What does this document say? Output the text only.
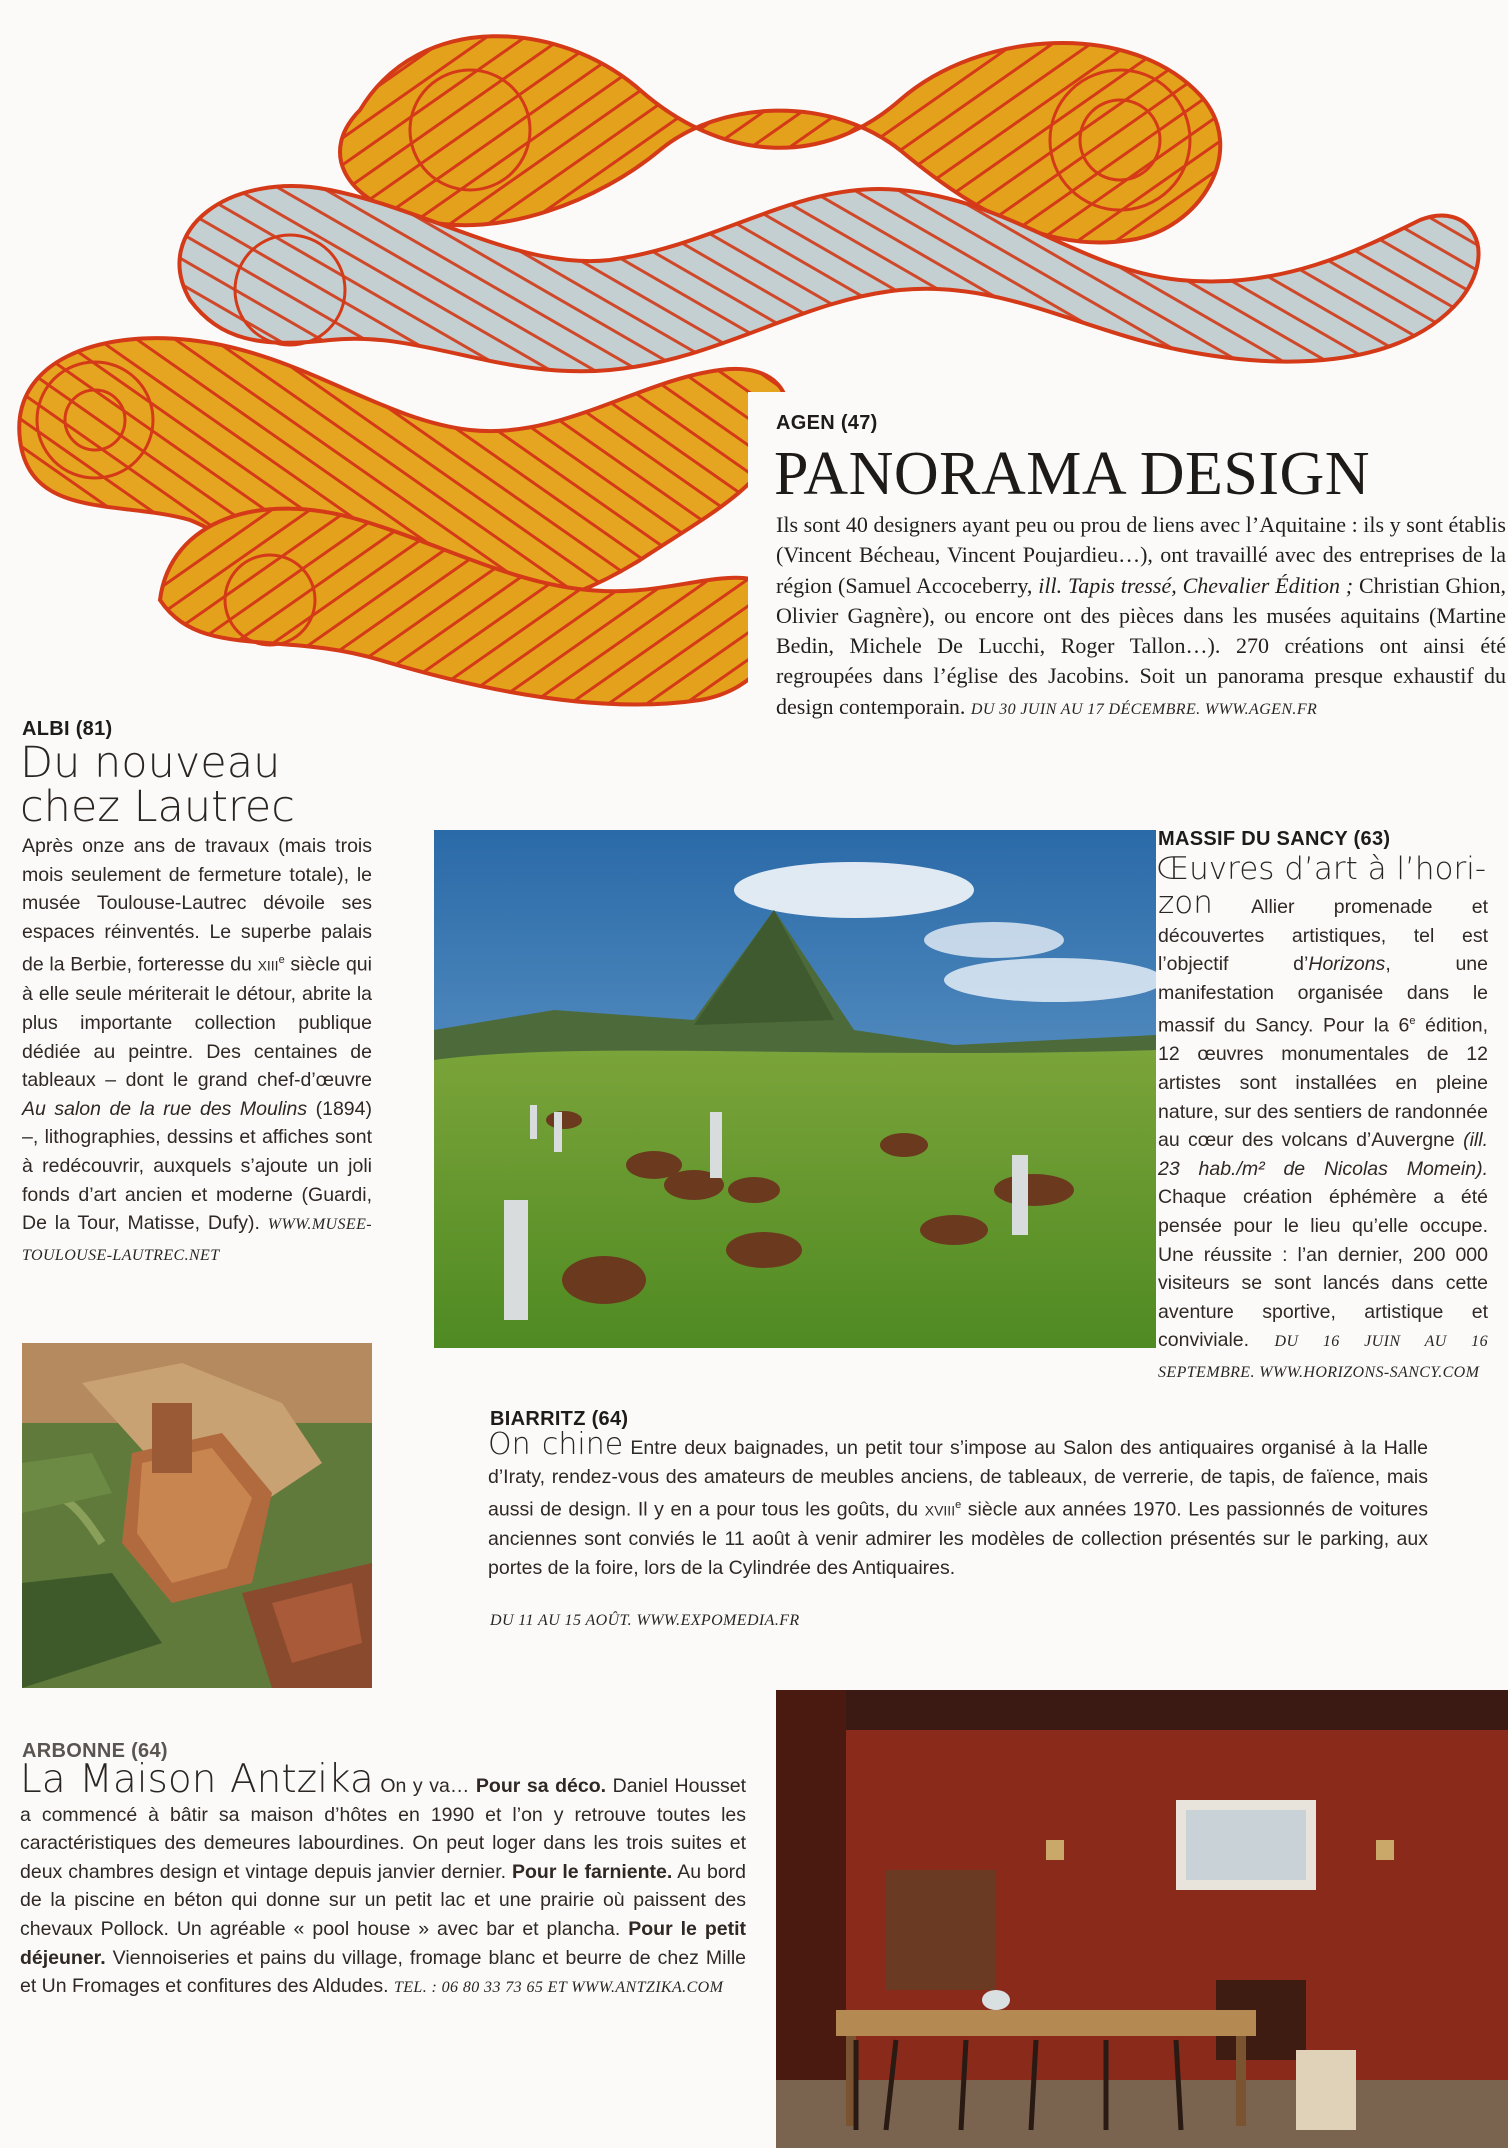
AGEN (47)
PANORAMA DESIGN
Ils sont 40 designers ayant peu ou prou de liens avec l’Aquitaine : ils y sont établis (Vincent Bécheau, Vincent Poujardieu…), ont travaillé avec des entreprises de la région (Samuel Accoceberry, ill. Tapis tressé, Chevalier Édition ; Christian Ghion, Olivier Gagnère), ou encore ont des pièces dans les musées aquitains (Martine Bedin, Michele De Lucchi, Roger Tallon…). 270 créations ont ainsi été regroupées dans l’église des Jacobins. Soit un panorama presque exhaustif du design contemporain. DU 30 JUIN AU 17 DÉCEMBRE. WWW.AGEN.FR
ALBI (81)
Du nouveau
chez Lautrec
Après onze ans de travaux (mais trois mois seulement de fermeture totale), le musée Toulouse-Lautrec dévoile ses espaces réinventés. Le superbe palais de la Berbie, forteresse du XIIIe siècle qui à elle seule mériterait le détour, abrite la plus importante collection publique dédiée au peintre. Des centaines de tableaux – dont le grand chef-d’œuvre Au salon de la rue des Moulins (1894) –, lithographies, dessins et affiches sont à redécouvrir, auxquels s’ajoute un joli fonds d’art ancien et moderne (Guardi, De la Tour, Matisse, Dufy). WWW.MUSEE-TOULOUSE-LAUTREC.NET
MASSIF DU SANCY (63)
Œuvres d’art à l’hori-
zon Allier promenade et découvertes artistiques, tel est l’objectif d’Horizons, une manifestation organisée dans le massif du Sancy. Pour la 6e édition, 12 œuvres monumentales de 12 artistes sont installées en pleine nature, sur des sentiers de randonnée au cœur des volcans d’Auvergne (ill. 23 hab./m² de Nicolas Momein). Chaque création éphémère a été pensée pour le lieu qu’elle occupe. Une réussite : l’an dernier, 200 000 visiteurs se sont lancés dans cette aventure sportive, artistique et conviviale. DU 16 JUIN AU 16 SEPTEMBRE. WWW.HORIZONS-SANCY.COM
BIARRITZ (64)
On chine Entre deux baignades, un petit tour s’impose au Salon des antiquaires organisé à la Halle d’Iraty, rendez-vous des amateurs de meubles anciens, de tableaux, de verrerie, de tapis, de faïence, mais aussi de design. Il y en a pour tous les goûts, du XVIIIe siècle aux années 1970. Les passionnés de voitures anciennes sont conviés le 11 août à venir admirer les modèles de collection présentés sur le parking, aux portes de la foire, lors de la Cylindrée des Antiquaires.
DU 11 AU 15 AOÛT. WWW.EXPOMEDIA.FR
ARBONNE (64)
La Maison Antzika On y va… Pour sa déco. Daniel Housset a commencé à bâtir sa maison d’hôtes en 1990 et l’on y retrouve toutes les caractéristiques des demeures labourdines. On peut loger dans les trois suites et deux chambres design et vintage depuis janvier dernier. Pour le farniente. Au bord de la piscine en béton qui donne sur un petit lac et une prairie où paissent des chevaux Pollock. Un agréable « pool house » avec bar et plancha. Pour le petit déjeuner. Viennoiseries et pains du village, fromage blanc et beurre de chez Mille et Un Fromages et confitures des Aldudes. TEL. : 06 80 33 73 65 ET WWW.ANTZIKA.COM
